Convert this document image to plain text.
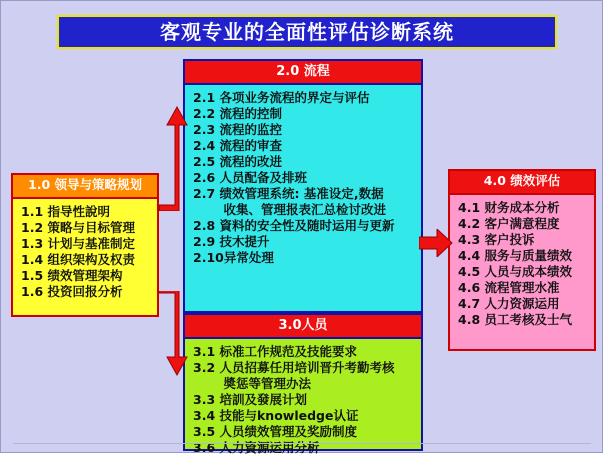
客观专业的全面性评估诊断系统
2.0 流程
2.1 各项业务流程的界定与评估
2.2 流程的控制
2.3 流程的监控
2.4 流程的审查
2.5 流程的改进
2.6 人员配备及排班
2.7 绩效管理系统: 基准设定,数据
收集、管理报表汇总检讨改进
2.8 資料的安全性及随时运用与更新
2.9 技木提升
2.10异常处理
3.0人员
3.1 标准工作规范及技能要求
3.2 人员招募任用培训晋升考勤考核
奬惩等管理办法
3.3 培訓及發展计划
3.4 技能与knowledge认证
3.5 人员绩效管理及奖励制度
3.6 人力資源运用分析
1.0 领导与策略规划
1.1 指导性說明
1.2 策略与目标管理
1.3 计划与基准制定
1.4 组织架构及权责
1.5 绩效管理架构
1.6 投资回报分析
4.0 绩效评估
4.1 财务成本分析
4.2 客户满意程度
4.3 客户投诉
4.4 服务与质量绩效
4.5 人员与成本绩效
4.6 流程管理水准
4.7 人力资源运用
4.8 员工考核及士气
